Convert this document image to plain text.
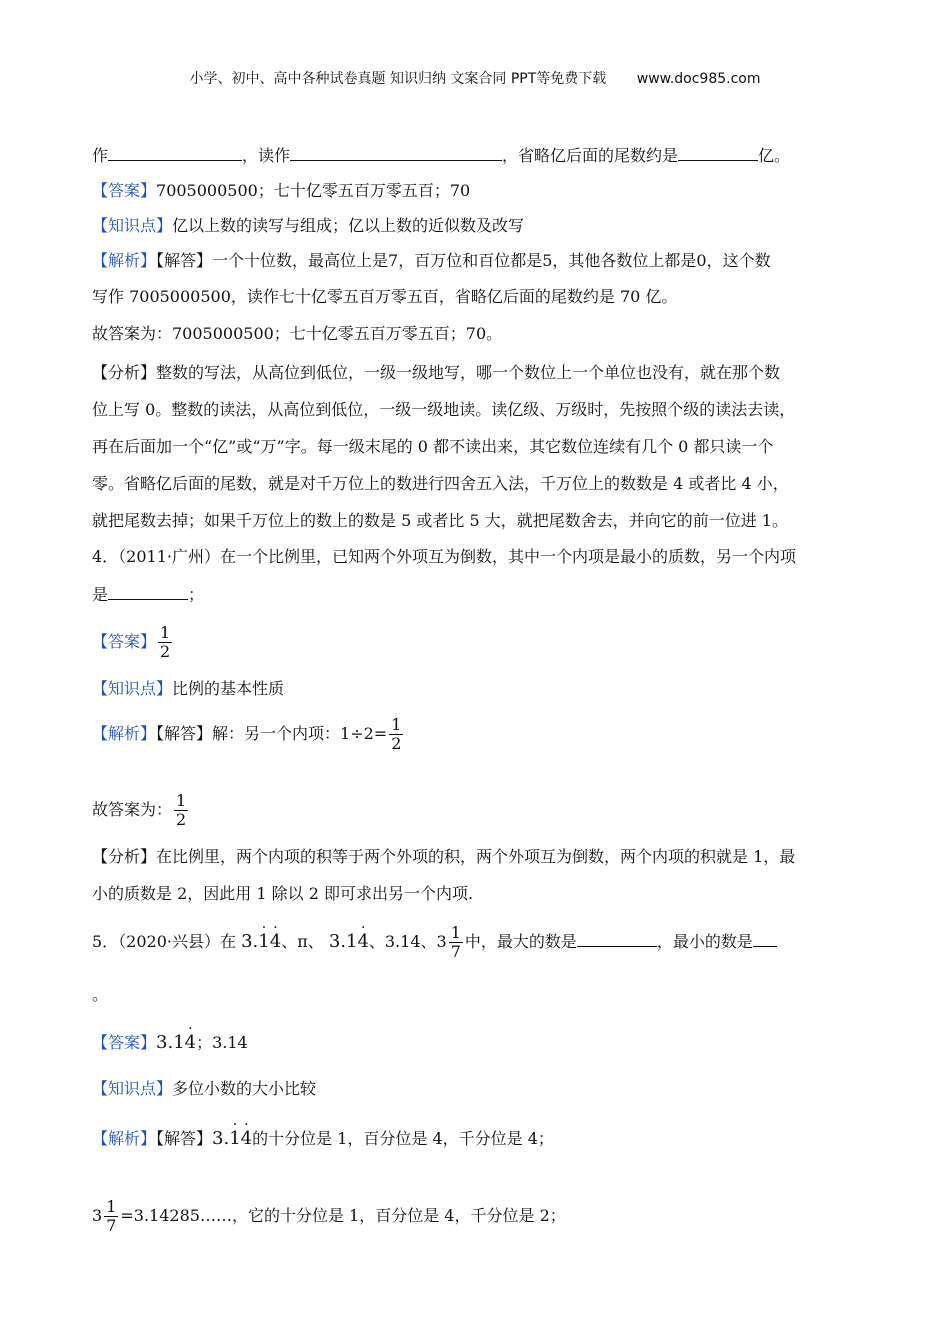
小学、初中、高中各种试卷真题 知识归纳 文案合同 PPT等免费下载 www.doc985.com
作	，读作	，省略亿后面的尾数约是	亿。
【答案】7005000500；七十亿零五百万零五百；70
【知识点】亿以上数的读写与组成；亿以上数的近似数及改写
【解析】【解答】一个十位数，最高位上是7，百万位和百位都是5，其他各数位上都是0，这个数
写作 7005000500，读作七十亿零五百万零五百，省略亿后面的尾数约是 70 亿。
故答案为：7005000500；七十亿零五百万零五百；70。
【分析】整数的写法，从高位到低位，一级一级地写，哪一个数位上一个单位也没有，就在那个数
位上写 0。整数的读法，从高位到低位，一级一级地读。读亿级、万级时，先按照个级的读法去读，
再在后面加一个“亿”或“万”字。每一级末尾的 0 都不读出来，其它数位连续有几个 0 都只读一个
零。省略亿后面的尾数，就是对千万位上的数进行四舍五入法，千万位上的数数是 4 或者比 4 小，
就把尾数去掉；如果千万位上的数上的数是 5 或者比 5 大，就把尾数舍去，并向它的前一位进 1。
4．（2011·广州）在一个比例里，已知两个外项互为倒数，其中一个内项是最小的质数，另一个内项
是	；
【答案】 $\frac{1}{2}$
【知识点】比例的基本性质
【解析】【解答】解：另一个内项：$1\div 2= \frac{1}{2}$
故答案为： $\frac{1}{2}$
【分析】在比例里，两个内项的积等于两个外项的积，两个外项互为倒数，两个内项的积就是 1，最
小的质数是 2，因此用 1 除以 2 即可求出另一个内项.
5．（2020·兴县）在 3.· 1· 4、π、 3.1· 4、3.14、$3 \frac{1}{7}$ 中，最大的数是	，最小的数是
。
【答案】3.1· 4；3.14
【知识点】多位小数的大小比较
【解析】【解答】3.· 1· 4的十分位是 1，百分位是 4，千分位是 4；
$3 \frac{1}{7}$ =3.14285……，它的十分位是 1，百分位是 4，千分位是 2；
